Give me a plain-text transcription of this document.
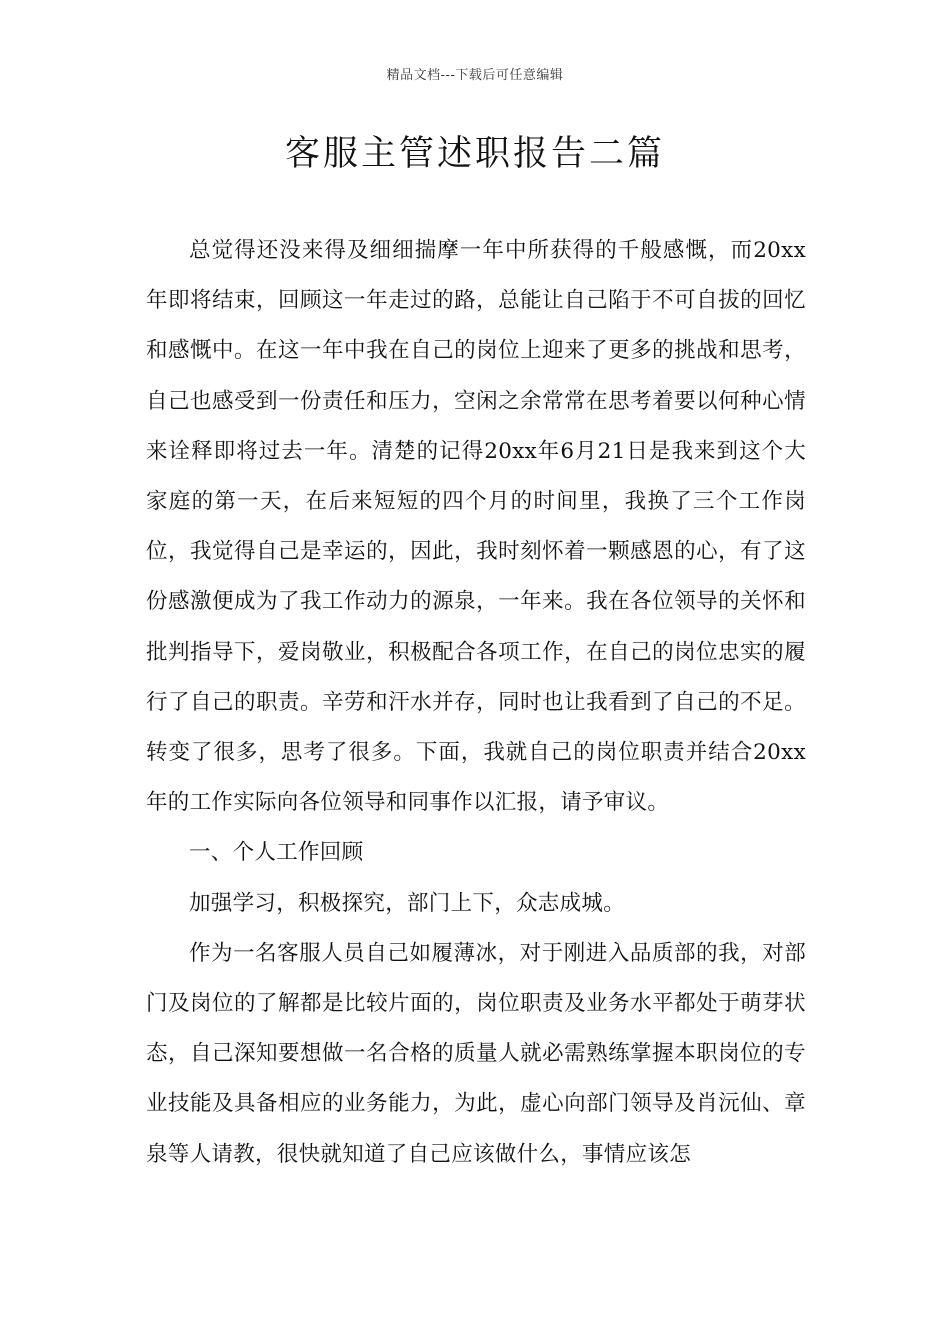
精品文档---下载后可任意编辑
客服主管述职报告二篇

总觉得还没来得及细细揣摩一年中所获得的千般感慨，而20xx年即将结束，回顾这一年走过的路，总能让自己陷于不可自拔的回忆和感慨中。在这一年中我在自己的岗位上迎来了更多的挑战和思考，自己也感受到一份责任和压力，空闲之余常常在思考着要以何种心情来诠释即将过去一年。清楚的记得20xx年6月21日是我来到这个大家庭的第一天，在后来短短的四个月的时间里，我换了三个工作岗位，我觉得自己是幸运的，因此，我时刻怀着一颗感恩的心，有了这份感激便成为了我工作动力的源泉，一年来。我在各位领导的关怀和批判指导下，爱岗敬业，积极配合各项工作，在自己的岗位忠实的履行了自己的职责。辛劳和汗水并存，同时也让我看到了自己的不足。转变了很多，思考了很多。下面，我就自己的岗位职责并结合20xx年的工作实际向各位领导和同事作以汇报，请予审议。

一、个人工作回顾

加强学习，积极探究，部门上下，众志成城。

作为一名客服人员自己如履薄冰，对于刚进入品质部的我，对部门及岗位的了解都是比较片面的，岗位职责及业务水平都处于萌芽状态，自己深知要想做一名合格的质量人就必需熟练掌握本职岗位的专业技能及具备相应的业务能力，为此，虚心向部门领导及肖沅仙、章泉等人请教，很快就知道了自己应该做什么，事情应该怎
